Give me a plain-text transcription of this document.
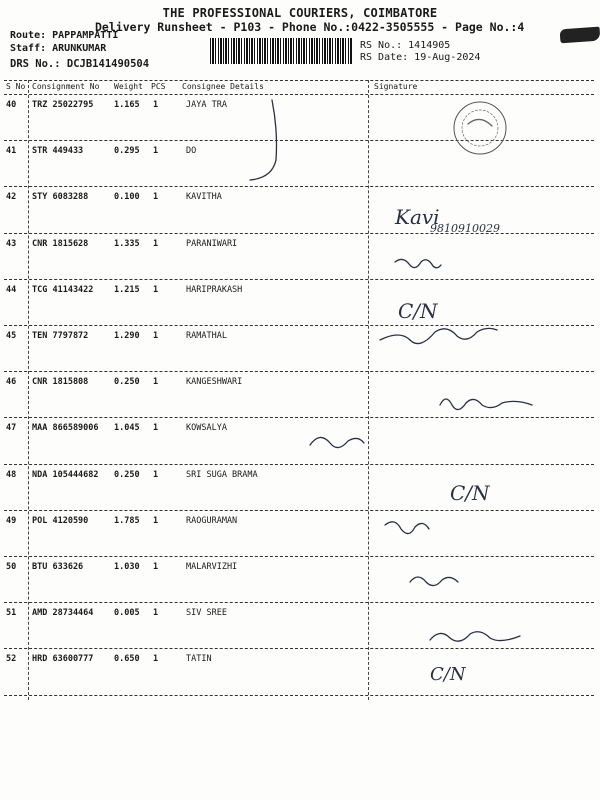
THE PROFESSIONAL COURIERS, COIMBATORE
Delivery Runsheet - P103 - Phone No.:0422-3505555 - Page No.:4
Route: PAPPAMPATTI
Staff: ARUNKUMAR
DRS No.: DCJB141490504
RS No.: 1414905
RS Date: 19-Aug-2024
S No Consignment No Weight PCS Consignee Details	Signature
40 TRZ 25022795 1.165 1	JAYA TRA
41 STR 449433	0.295 1	DO
42 STY 6083288	0.100 1	KAVITHA
43 CNR 1815628	1.335 1	PARANIWARI
44 TCG 41143422 1.215 1	HARIPRAKASH
45 TEN 7797872	1.290 1	RAMATHAL
46 CNR 1815808	0.250 1	KANGESHWARI
47 MAA 866589006 1.045 1	KOWSALYA
48 NDA 105444682 0.250 1	SRI SUGA BRAMA
49 POL 4120590	1.785 1	RAOGURAMAN
50 BTU 633626	1.030 1	MALARVIZHI
51 AMD 28734464 0.005 1	SIV SREE
52 HRD 63600777 0.650 1	TATIN
Kavi
9810910029
C/N
C/N
C/N
